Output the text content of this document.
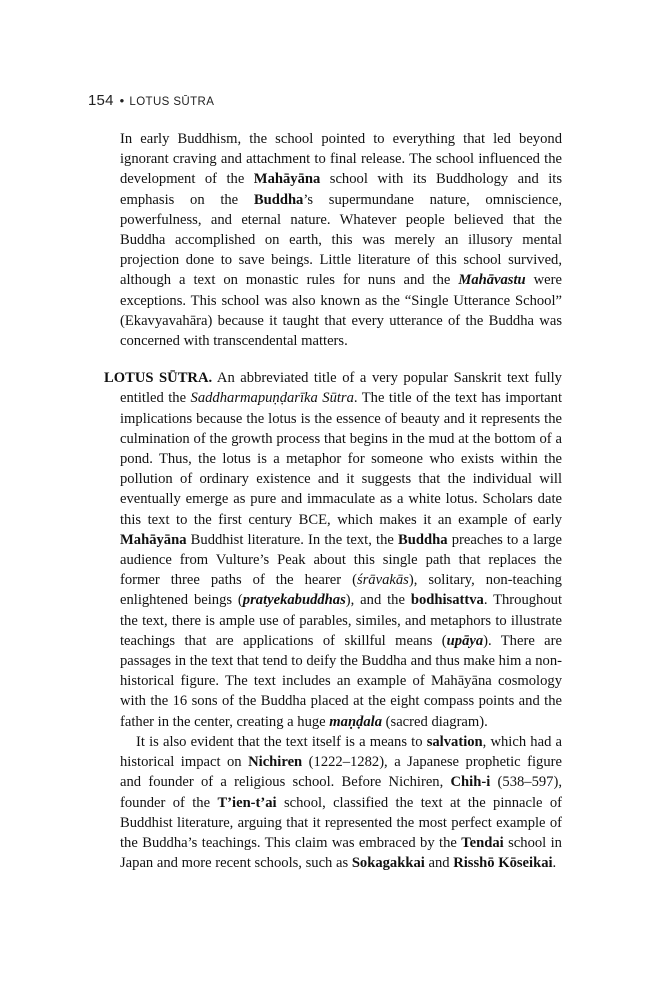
154 • LOTUS SŪTRA

In early Buddhism, the school pointed to everything that led beyond ignorant craving and attachment to final release. The school influenced the development of the Mahāyāna school with its Buddhology and its emphasis on the Buddha’s supermundane nature, omniscience, powerfulness, and eternal nature. Whatever people believed that the Buddha accomplished on earth, this was merely an illusory mental projection done to save beings. Little literature of this school survived, although a text on monastic rules for nuns and the Mahāvastu were exceptions. This school was also known as the “Single Utterance School” (Ekavyavahāra) because it taught that every utterance of the Buddha was concerned with transcendental matters.

LOTUS SŪTRA. An abbreviated title of a very popular Sanskrit text fully entitled the Saddharmapuṇḍarīka Sūtra. The title of the text has important implications because the lotus is the essence of beauty and it represents the culmination of the growth process that begins in the mud at the bottom of a pond. Thus, the lotus is a metaphor for someone who exists within the pollution of ordinary existence and it suggests that the individual will eventually emerge as pure and immaculate as a white lotus. Scholars date this text to the first century BCE, which makes it an example of early Mahāyāna Buddhist literature. In the text, the Buddha preaches to a large audience from Vulture’s Peak about this single path that replaces the former three paths of the hearer (śrāvakās), solitary, non-teaching enlightened beings (pratyekabuddhas), and the bodhisattva. Throughout the text, there is ample use of parables, similes, and metaphors to illustrate teachings that are applications of skillful means (upāya). There are passages in the text that tend to deify the Buddha and thus make him a non-historical figure. The text includes an example of Mahāyāna cosmology with the 16 sons of the Buddha placed at the eight compass points and the father in the center, creating a huge maṇḍala (sacred diagram).

It is also evident that the text itself is a means to salvation, which had a historical impact on Nichiren (1222–1282), a Japanese prophetic figure and founder of a religious school. Before Nichiren, Chih-i (538–597), founder of the T’ien-t’ai school, classified the text at the pinnacle of Buddhist literature, arguing that it represented the most perfect example of the Buddha’s teachings. This claim was embraced by the Tendai school in Japan and more recent schools, such as Sokagakkai and Risshō Kōseikai.
